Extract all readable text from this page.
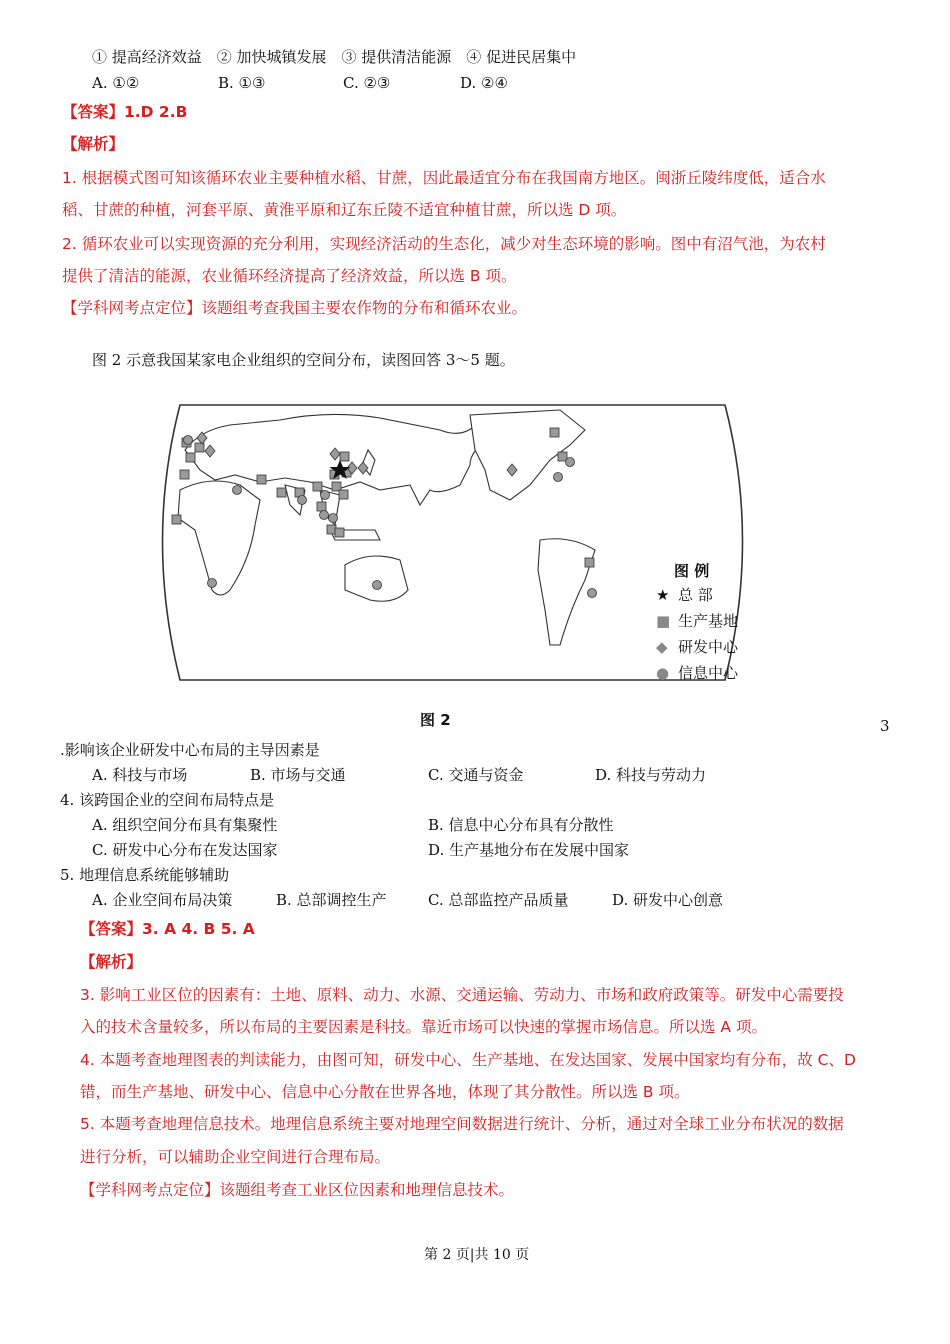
① 提高经济效益　② 加快城镇发展　③ 提供清洁能源　④ 促进民居集中
A. ①②	B. ①③	C. ②③	D. ②④
【答案】1.D 2.B
【解析】
1. 根据模式图可知该循环农业主要种植水稻、甘蔗，因此最适宜分布在我国南方地区。闽浙丘陵纬度低，适合水
稻、甘蔗的种植，河套平原、黄淮平原和辽东丘陵不适宜种植甘蔗，所以选 D 项。
2. 循环农业可以实现资源的充分利用，实现经济活动的生态化，减少对生态环境的影响。图中有沼气池，为农村
提供了清洁的能源，农业循环经济提高了经济效益，所以选 B 项。
【学科网考点定位】该题组考查我国主要农作物的分布和循环农业。
图 2 示意我国某家电企业组织的空间分布，读图回答 3～5 题。
图 例
★ 总 部
■ 生产基地
◆ 研发中心
● 信息中心
图 2	3
.影响该企业研发中心布局的主导因素是
A. 科技与市场	B. 市场与交通	C. 交通与资金	D. 科技与劳动力
4. 该跨国企业的空间布局特点是
A. 组织空间分布具有集聚性	B. 信息中心分布具有分散性
C. 研发中心分布在发达国家	D. 生产基地分布在发展中国家
5. 地理信息系统能够辅助
A. 企业空间布局决策	B. 总部调控生产	C. 总部监控产品质量	D. 研发中心创意
【答案】3. A 4. B 5. A
【解析】
3. 影响工业区位的因素有：土地、原料、动力、水源、交通运输、劳动力、市场和政府政策等。研发中心需要投
入的技术含量较多，所以布局的主要因素是科技。靠近市场可以快速的掌握市场信息。所以选 A 项。
4. 本题考查地理图表的判读能力，由图可知，研发中心、生产基地、在发达国家、发展中国家均有分布，故 C、D
错，而生产基地、研发中心、信息中心分散在世界各地，体现了其分散性。所以选 B 项。
5. 本题考查地理信息技术。地理信息系统主要对地理空间数据进行统计、分析，通过对全球工业分布状况的数据
进行分析，可以辅助企业空间进行合理布局。
【学科网考点定位】该题组考查工业区位因素和地理信息技术。
第 2 页|共 10 页
